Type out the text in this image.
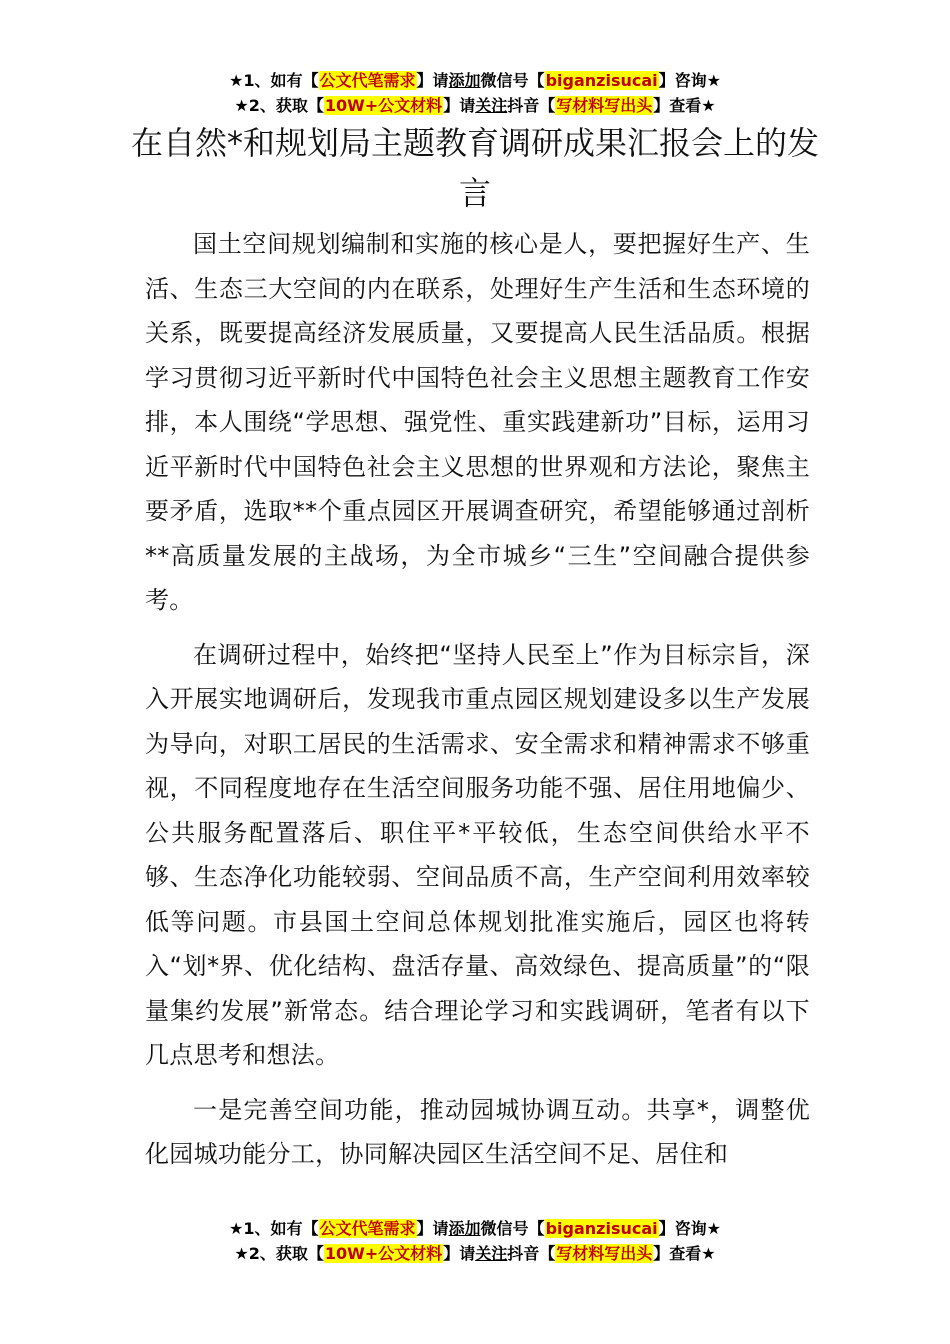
★1、如有【公文代笔需求】请添加微信号【biganzisucai】咨询★
★2、获取【10W+公文材料】请关注抖音【写材料写出头】查看★
在自然*和规划局主题教育调研成果汇报会上的发言

国土空间规划编制和实施的核心是人，要把握好生产、生活、生态三大空间的内在联系，处理好生产生活和生态环境的关系，既要提高经济发展质量，又要提高人民生活品质。根据学习贯彻习近平新时代中国特色社会主义思想主题教育工作安排，本人围绕“学思想、强党性、重实践建新功”目标，运用习近平新时代中国特色社会主义思想的世界观和方法论，聚焦主要矛盾，选取**个重点园区开展调查研究，希望能够通过剖析**高质量发展的主战场，为全市城乡“三生”空间融合提供参考。

在调研过程中，始终把“坚持人民至上”作为目标宗旨，深入开展实地调研后，发现我市重点园区规划建设多以生产发展为导向，对职工居民的生活需求、安全需求和精神需求不够重视，不同程度地存在生活空间服务功能不强、居住用地偏少、公共服务配置落后、职住平*平较低，生态空间供给水平不够、生态净化功能较弱、空间品质不高，生产空间利用效率较低等问题。市县国土空间总体规划批准实施后，园区也将转入“划*界、优化结构、盘活存量、高效绿色、提高质量”的“限量集约发展”新常态。结合理论学习和实践调研，笔者有以下几点思考和想法。

一是完善空间功能，推动园城协调互动。共享*，调整优化园城功能分工，协同解决园区生活空间不足、居住和

★1、如有【公文代笔需求】请添加微信号【biganzisucai】咨询★
★2、获取【10W+公文材料】请关注抖音【写材料写出头】查看★
